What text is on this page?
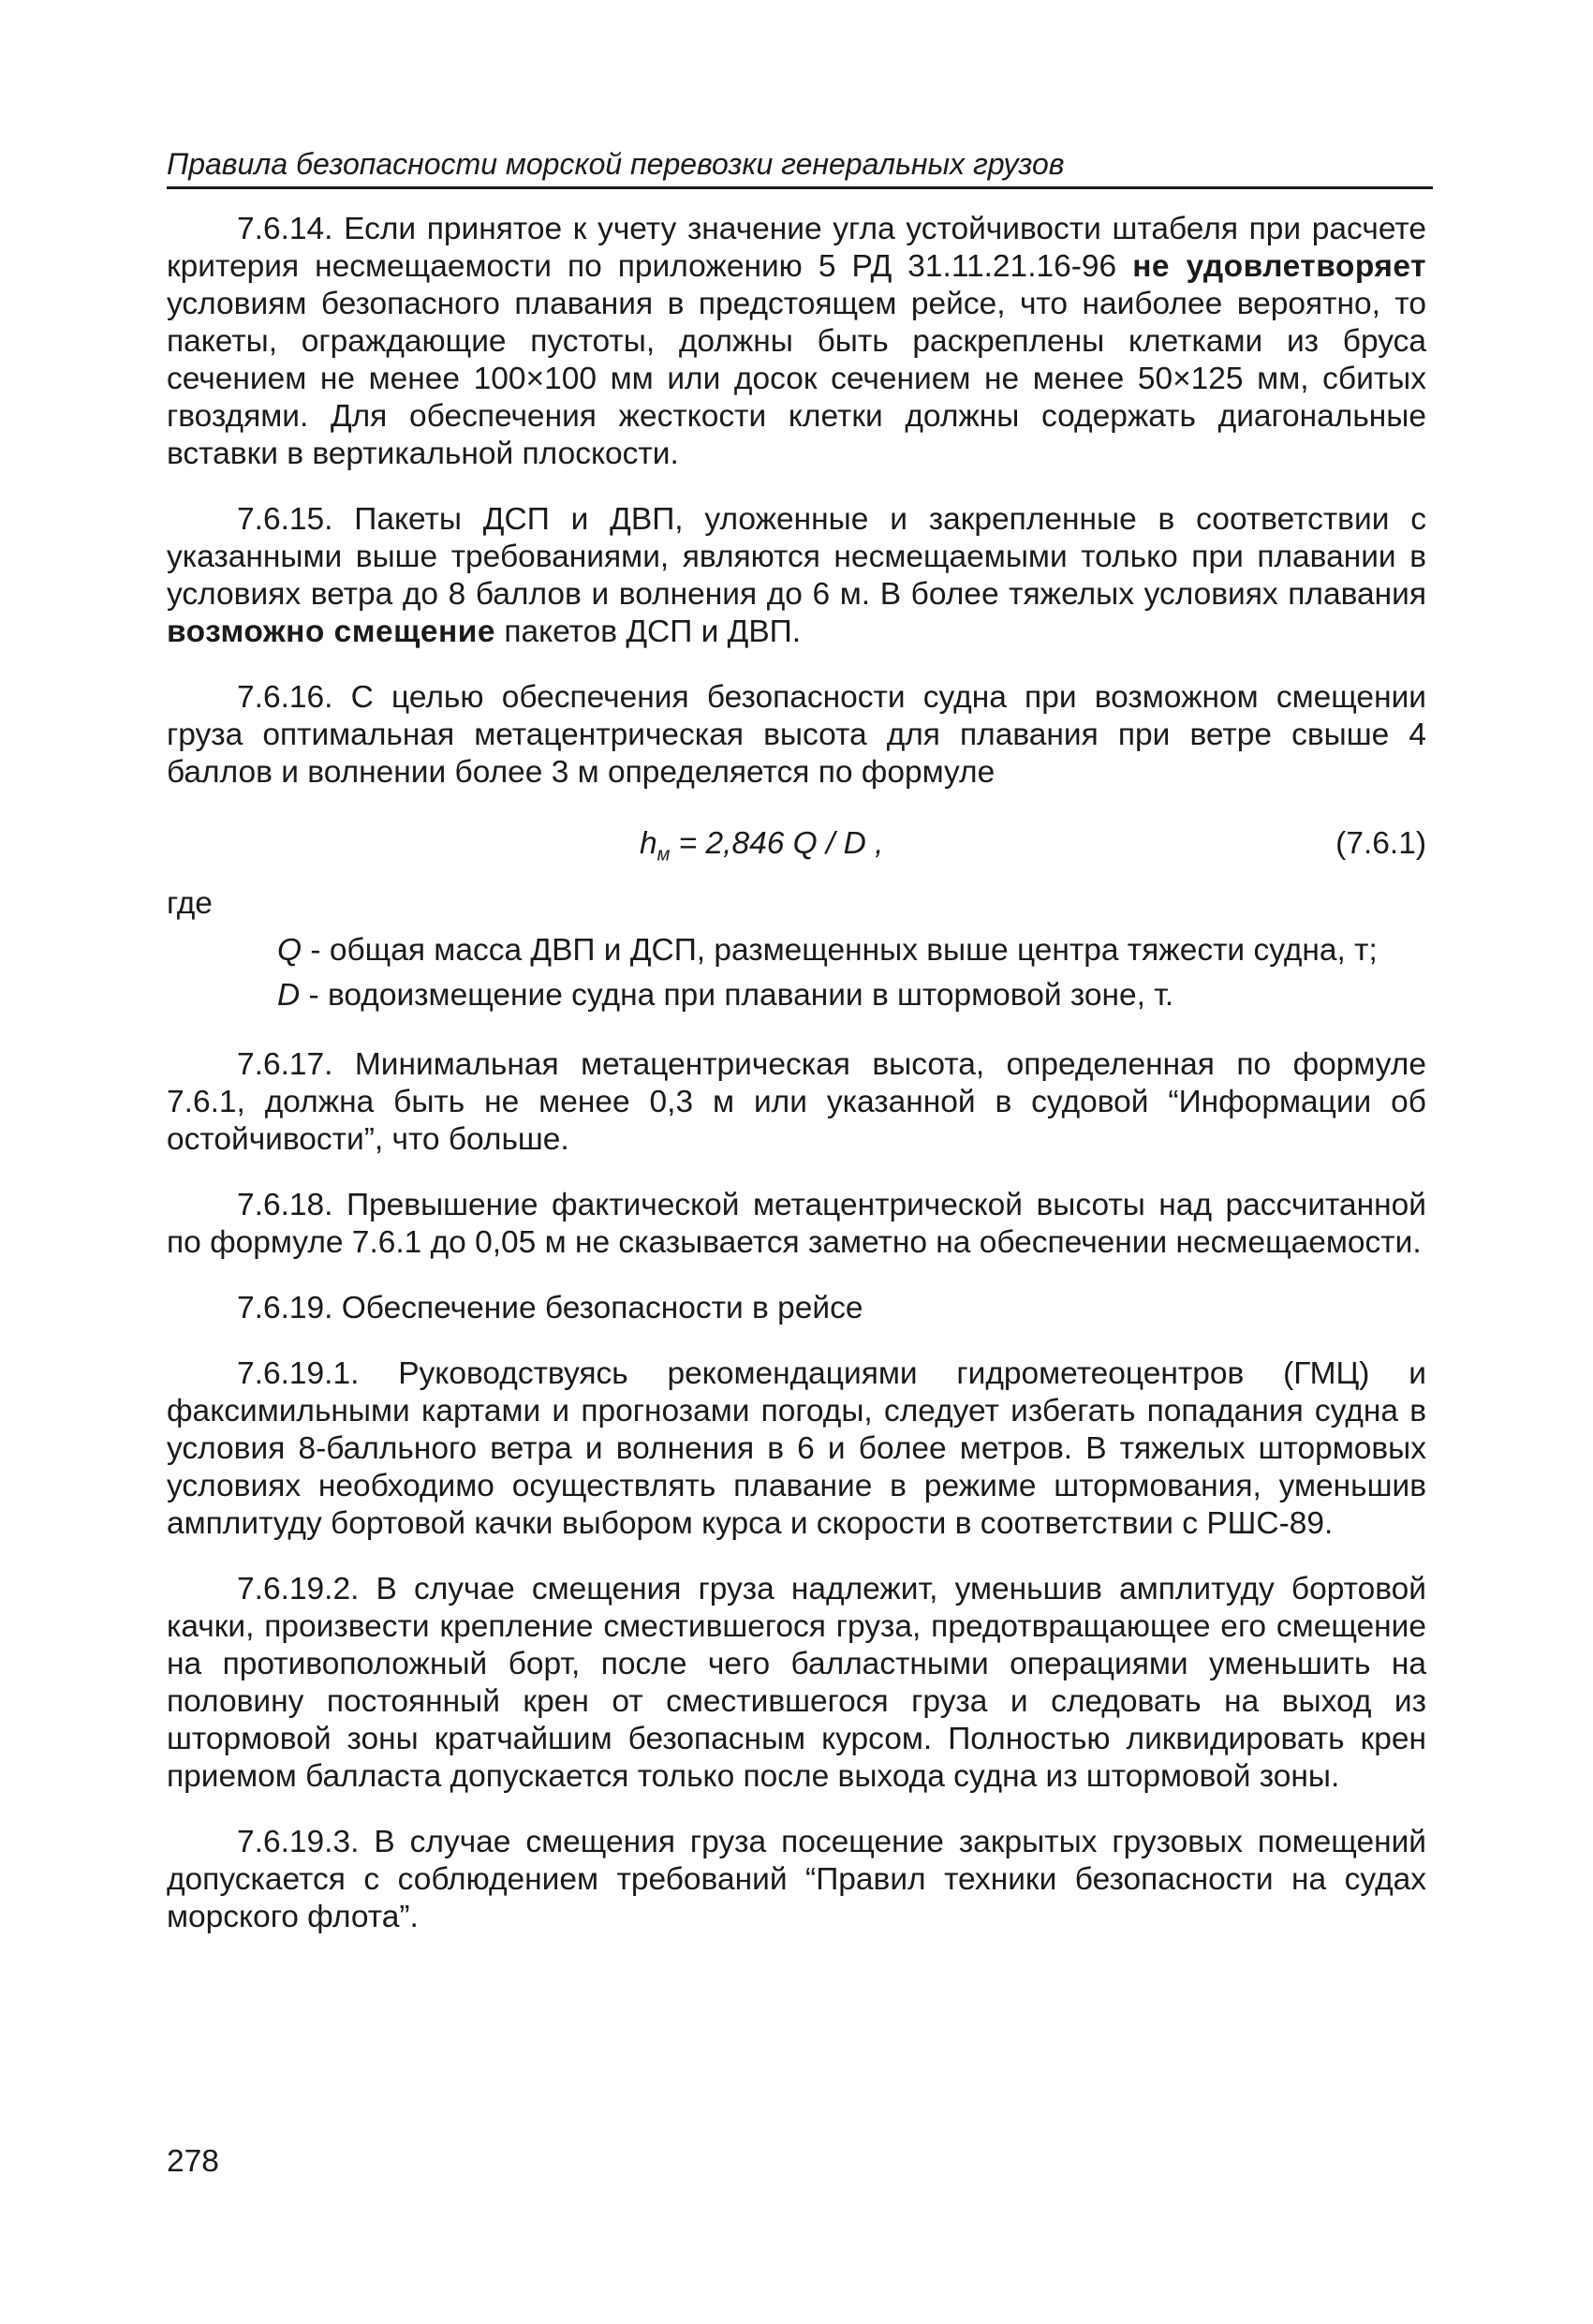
Правила безопасности морской перевозки генеральных грузов

7.6.14. Если принятое к учету значение угла устойчивости штабеля при расчете критерия несмещаемости по приложению 5 РД 31.11.21.16-96 не удовлетворяет условиям безопасного плавания в предстоящем рейсе, что наиболее вероятно, то пакеты, ограждающие пустоты, должны быть раскреплены клетками из бруса сечением не менее 100×100 мм или досок сечением не менее 50×125 мм, сбитых гвоздями. Для обеспечения жесткости клетки должны содержать диагональные вставки в вертикальной плоскости.

7.6.15. Пакеты ДСП и ДВП, уложенные и закрепленные в соответствии с указанными выше требованиями, являются несмещаемыми только при плавании в условиях ветра до 8 баллов и волнения до 6 м. В более тяжелых условиях плавания возможно смещение пакетов ДСП и ДВП.

7.6.16. С целью обеспечения безопасности судна при возможном смещении груза оптимальная метацентрическая высота для плавания при ветре свыше 4 баллов и волнении более 3 м определяется по формуле

$h_м = 2,846$ Q / D ,	(7.6.1)

где

Q - общая масса ДВП и ДСП, размещенных выше центра тяжести судна, т;

D - водоизмещение судна при плавании в штормовой зоне, т.

7.6.17. Минимальная метацентрическая высота, определенная по формуле 7.6.1, должна быть не менее 0,3 м или указанной в судовой “Информации об остойчивости”, что больше.

7.6.18. Превышение фактической метацентрической высоты над рассчитанной по формуле 7.6.1 до 0,05 м не сказывается заметно на обеспечении несмещаемости.

7.6.19. Обеспечение безопасности в рейсе

7.6.19.1. Руководствуясь рекомендациями гидрометеоцентров (ГМЦ) и факсимильными картами и прогнозами погоды, следует избегать попадания судна в условия 8-балльного ветра и волнения в 6 и более метров. В тяжелых штормовых условиях необходимо осуществлять плавание в режиме штормования, уменьшив амплитуду бортовой качки выбором курса и скорости в соответствии с РШС-89.

7.6.19.2. В случае смещения груза надлежит, уменьшив амплитуду бортовой качки, произвести крепление сместившегося груза, предотвращающее его смещение на противоположный борт, после чего балластными операциями уменьшить на половину постоянный крен от сместившегося груза и следовать на выход из штормовой зоны кратчайшим безопасным курсом. Полностью ликвидировать крен приемом балласта допускается только после выхода судна из штормовой зоны.

7.6.19.3. В случае смещения груза посещение закрытых грузовых помещений допускается с соблюдением требований “Правил техники безопасности на судах морского флота”.

278
